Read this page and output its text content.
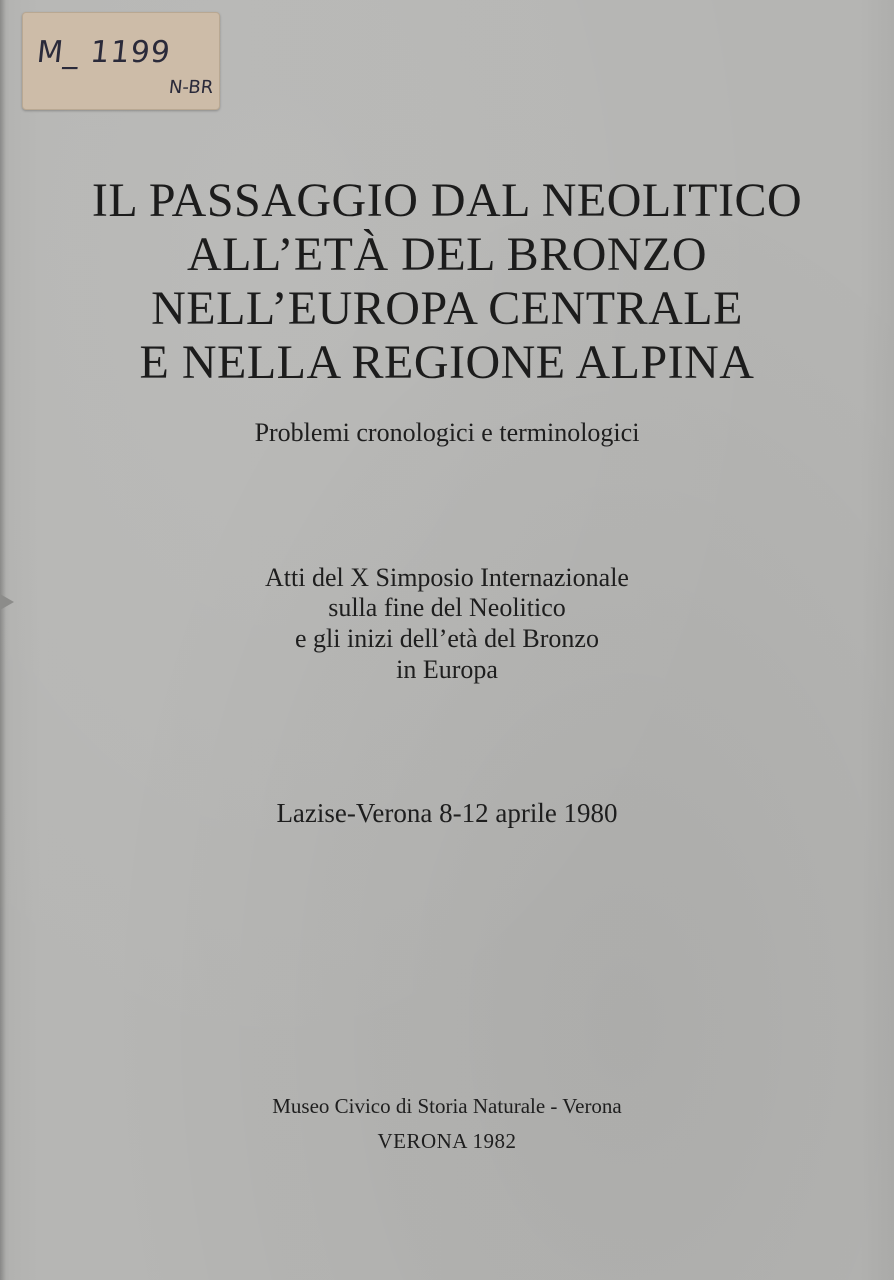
M_ 1199
N-BR
IL PASSAGGIO DAL NEOLITICO
ALL’ETÀ DEL BRONZO
NELL’EUROPA CENTRALE
E NELLA REGIONE ALPINA
Problemi cronologici e terminologici
Atti del X Simposio Internazionale
sulla fine del Neolitico
e gli inizi dell’età del Bronzo
in Europa
Lazise-Verona 8-12 aprile 1980
Museo Civico di Storia Naturale - Verona
VERONA 1982
